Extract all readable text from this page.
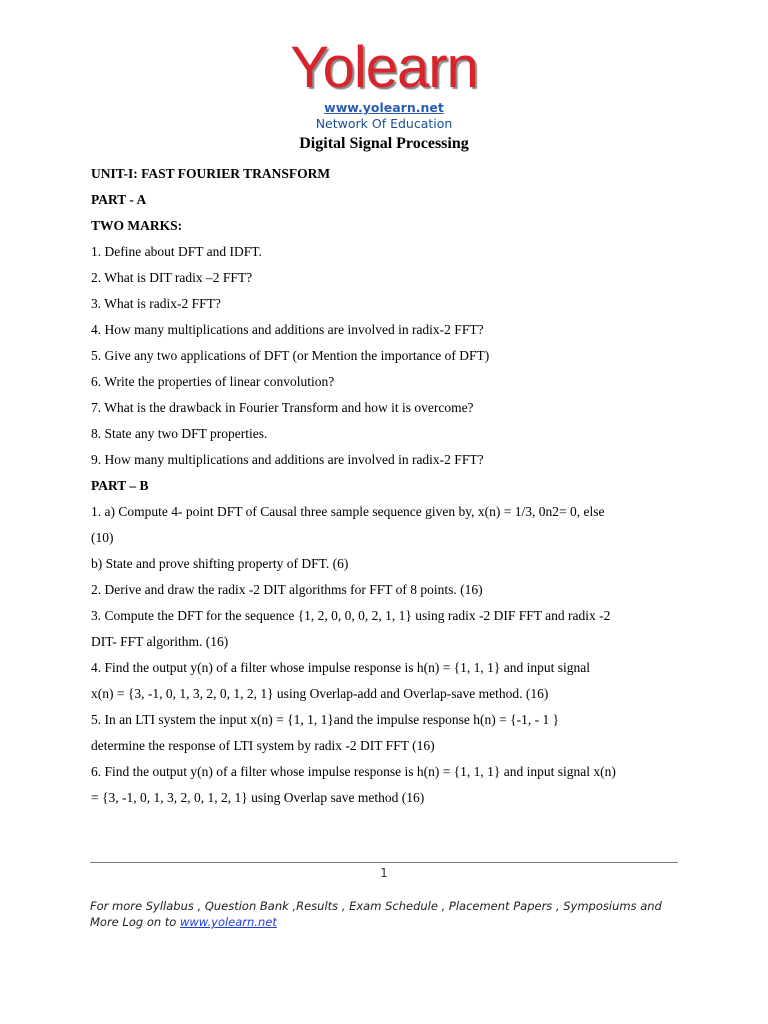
Yolearn
www.yolearn.net
Network Of Education
Digital Signal Processing
UNIT-I: FAST FOURIER TRANSFORM
PART - A
TWO MARKS:
1. Define about DFT and IDFT.
2. What is DIT radix –2 FFT?
3. What is radix-2 FFT?
4. How many multiplications and additions are involved in radix-2 FFT?
5. Give any two applications of DFT (or Mention the importance of DFT)
6. Write the properties of linear convolution?
7. What is the drawback in Fourier Transform and how it is overcome?
8. State any two DFT properties.
9. How many multiplications and additions are involved in radix-2 FFT?
PART – B
1. a) Compute 4- point DFT of Causal three sample sequence given by, x(n) = 1/3, 0n2= 0, else
(10)
b) State and prove shifting property of DFT. (6)
2. Derive and draw the radix -2 DIT algorithms for FFT of 8 points. (16)
3. Compute the DFT for the sequence {1, 2, 0, 0, 0, 2, 1, 1} using radix -2 DIF FFT and radix -2
DIT- FFT algorithm. (16)
4. Find the output y(n) of a filter whose impulse response is h(n) = {1, 1, 1} and input signal
x(n) = {3, -1, 0, 1, 3, 2, 0, 1, 2, 1} using Overlap-add and Overlap-save method. (16)
5. In an LTI system the input x(n) = {1, 1, 1}and the impulse response h(n) = {-1, - 1 }
determine the response of LTI system by radix -2 DIT FFT (16)
6. Find the output y(n) of a filter whose impulse response is h(n) = {1, 1, 1} and input signal x(n)
= {3, -1, 0, 1, 3, 2, 0, 1, 2, 1} using Overlap save method (16)
1
For more Syllabus , Question Bank ,Results , Exam Schedule , Placement Papers , Symposiums and
More Log on to www.yolearn.net
